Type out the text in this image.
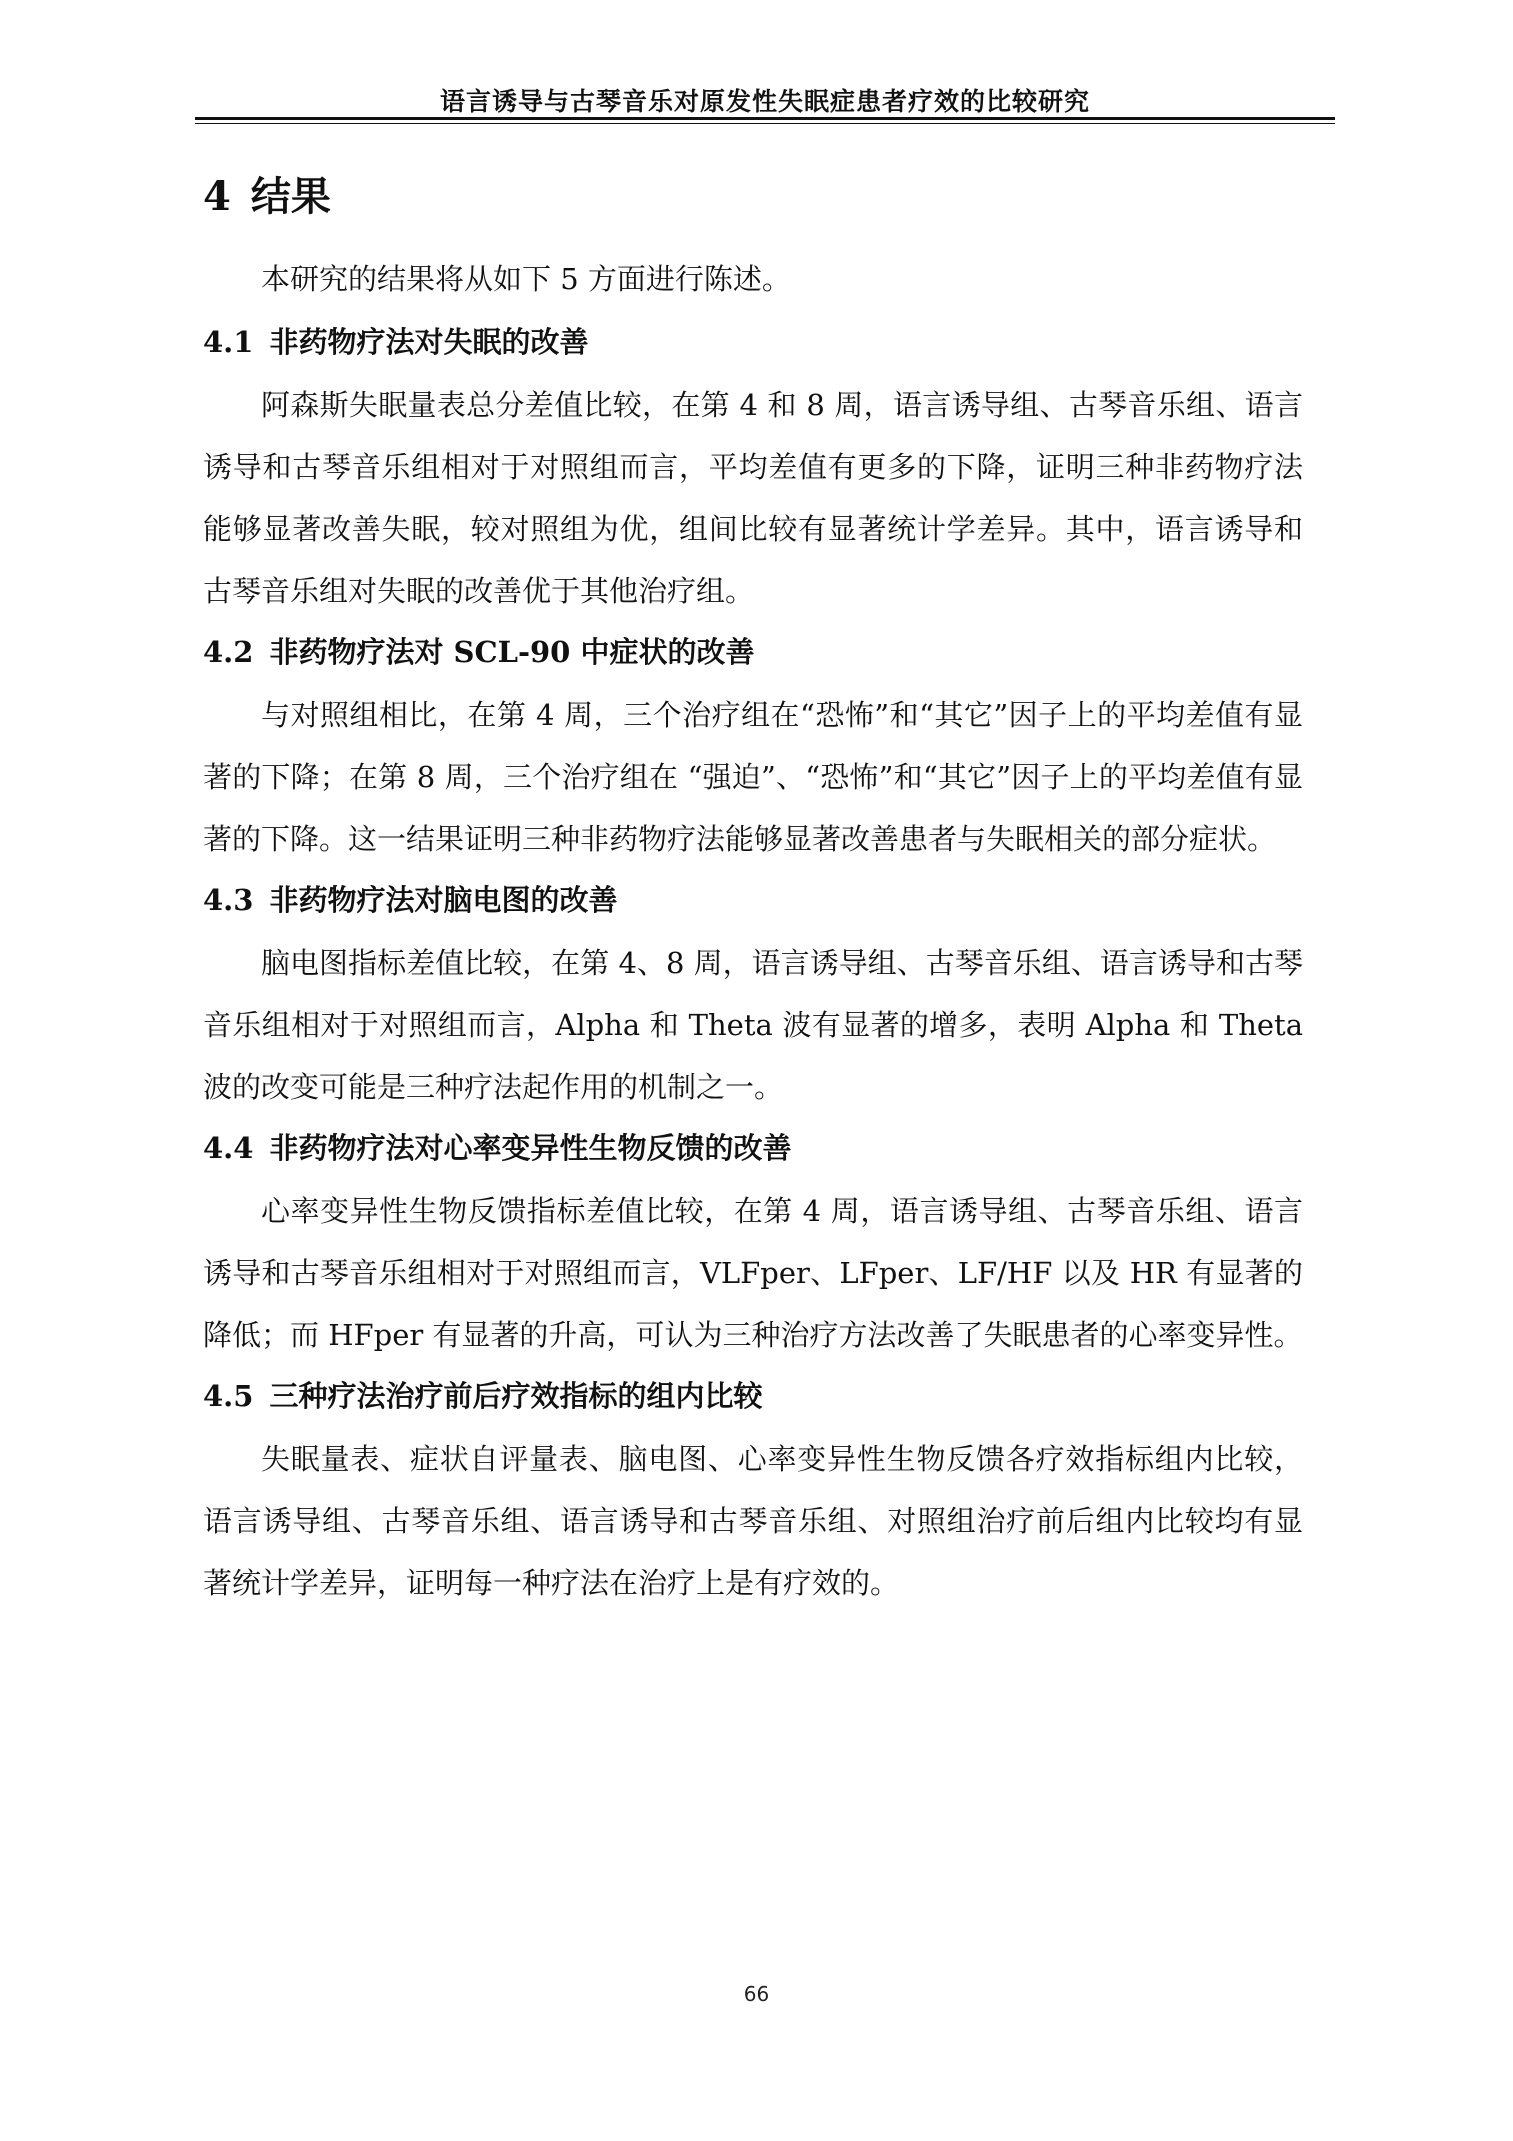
语言诱导与古琴音乐对原发性失眠症患者疗效的比较研究
4 结果

本研究的结果将从如下 5 方面进行陈述。

4.1 非药物疗法对失眠的改善

阿森斯失眠量表总分差值比较，在第 4 和 8 周，语言诱导组、古琴音乐组、语言诱导和古琴音乐组相对于对照组而言，平均差值有更多的下降，证明三种非药物疗法能够显著改善失眠，较对照组为优，组间比较有显著统计学差异。其中，语言诱导和古琴音乐组对失眠的改善优于其他治疗组。

4.2 非药物疗法对 SCL-90 中症状的改善

与对照组相比，在第 4 周，三个治疗组在“恐怖”和“其它”因子上的平均差值有显著的下降；在第 8 周，三个治疗组在 “强迫”、“恐怖”和“其它”因子上的平均差值有显著的下降。这一结果证明三种非药物疗法能够显著改善患者与失眠相关的部分症状。

4.3 非药物疗法对脑电图的改善

脑电图指标差值比较，在第 4、8 周，语言诱导组、古琴音乐组、语言诱导和古琴音乐组相对于对照组而言，Alpha 和 Theta 波有显著的增多，表明 Alpha 和 Theta 波的改变可能是三种疗法起作用的机制之一。

4.4 非药物疗法对心率变异性生物反馈的改善

心率变异性生物反馈指标差值比较，在第 4 周，语言诱导组、古琴音乐组、语言诱导和古琴音乐组相对于对照组而言，VLFper、LFper、LF/HF 以及 HR 有显著的降低；而 HFper 有显著的升高，可认为三种治疗方法改善了失眠患者的心率变异性。

4.5 三种疗法治疗前后疗效指标的组内比较

失眠量表、症状自评量表、脑电图、心率变异性生物反馈各疗效指标组内比较，语言诱导组、古琴音乐组、语言诱导和古琴音乐组、对照组治疗前后组内比较均有显著统计学差异，证明每一种疗法在治疗上是有疗效的。

66
